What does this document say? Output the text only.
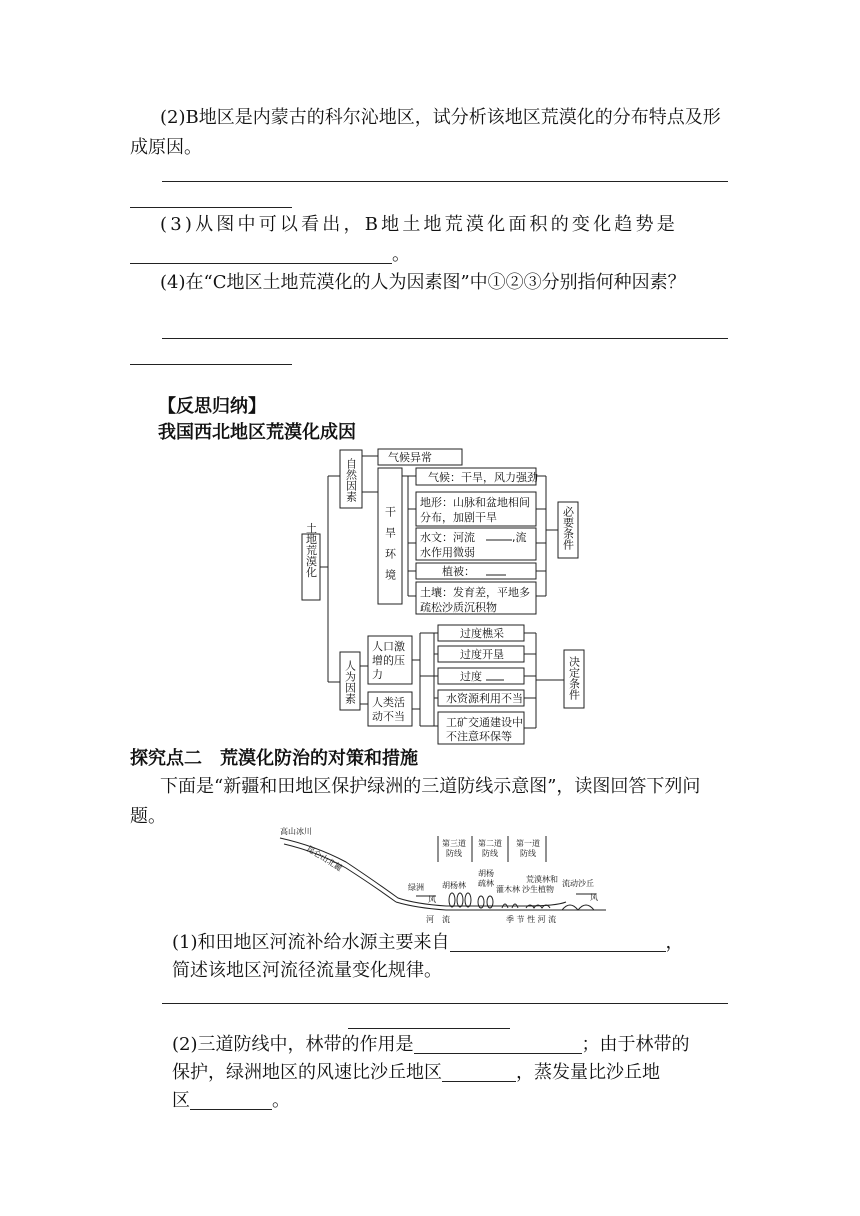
(2)B地区是内蒙古的科尔沁地区，试分析该地区荒漠化的分布特点及形成原因。

(3)从图中可以看出，B地土地荒漠化面积的变化趋势是

。

(4)在“C地区土地荒漠化的人为因素图”中①②③分别指何种因素？

【反思归纳】

我国西北地区荒漠化成因

土地荒漠化
自然因素
气候异常
干旱环境
气候：干旱，风力强劲
地形：山脉和盆地相间
分布，加剧干旱
水文：河流	,流
水作用微弱
植被：
土壤：发育差，平地多
疏松沙质沉积物
必要条件
人为因素
人口激
增的压
力
人类活
动不当
过度樵采
过度开垦
过度
水资源利用不当
工矿交通建设中
不注意环保等
决定条件

探究点二　荒漠化防治的对策和措施

下面是“新疆和田地区保护绿洲的三道防线示意图”，读图回答下列问题。

高山冰川
昆仑山北麓
第三道
防线
第二道
防线
第一道
防线
绿洲
风
胡杨林
胡杨
疏林
灌木林
荒漠林和
沙生植物
流动沙丘
风
河　流	季 节 性 河 流

(1)和田地区河流补给水源主要来自	，

简述该地区河流径流量变化规律。

(2)三道防线中，林带的作用是	；由于林带的

保护，绿洲地区的风速比沙丘地区	，蒸发量比沙丘地

区	。
